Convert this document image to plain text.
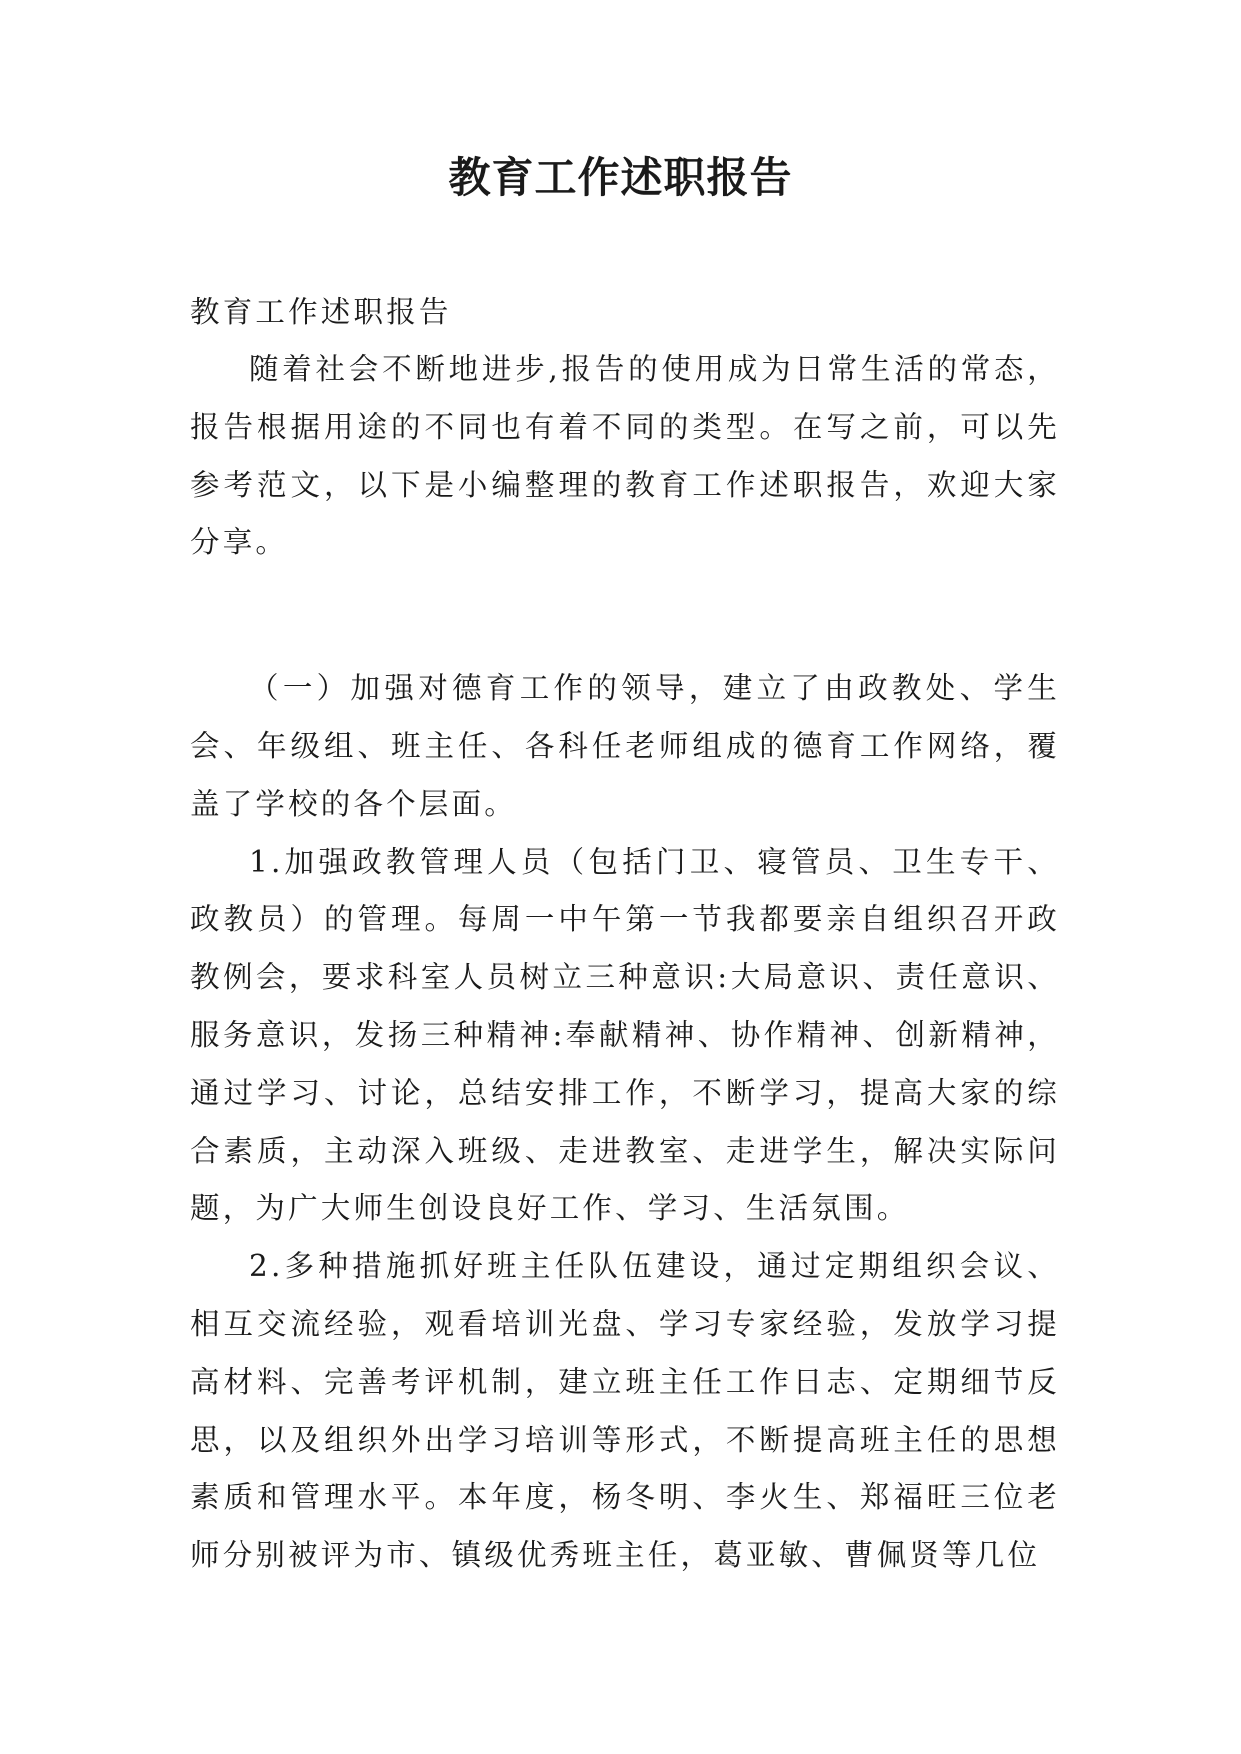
教育工作述职报告

教育工作述职报告

随着社会不断地进步,报告的使用成为日常生活的常态，报告根据用途的不同也有着不同的类型。在写之前，可以先参考范文，以下是小编整理的教育工作述职报告，欢迎大家分享。

（一）加强对德育工作的领导，建立了由政教处、学生会、年级组、班主任、各科任老师组成的德育工作网络，覆盖了学校的各个层面。

1.加强政教管理人员（包括门卫、寝管员、卫生专干、政教员）的管理。每周一中午第一节我都要亲自组织召开政教例会，要求科室人员树立三种意识:大局意识、责任意识、服务意识，发扬三种精神:奉献精神、协作精神、创新精神，通过学习、讨论，总结安排工作，不断学习，提高大家的综合素质，主动深入班级、走进教室、走进学生，解决实际问题，为广大师生创设良好工作、学习、生活氛围。

2.多种措施抓好班主任队伍建设，通过定期组织会议、相互交流经验，观看培训光盘、学习专家经验，发放学习提高材料、完善考评机制，建立班主任工作日志、定期细节反思，以及组织外出学习培训等形式，不断提高班主任的思想素质和管理水平。本年度，杨冬明、李火生、郑福旺三位老师分别被评为市、镇级优秀班主任，葛亚敏、曹佩贤等几位
